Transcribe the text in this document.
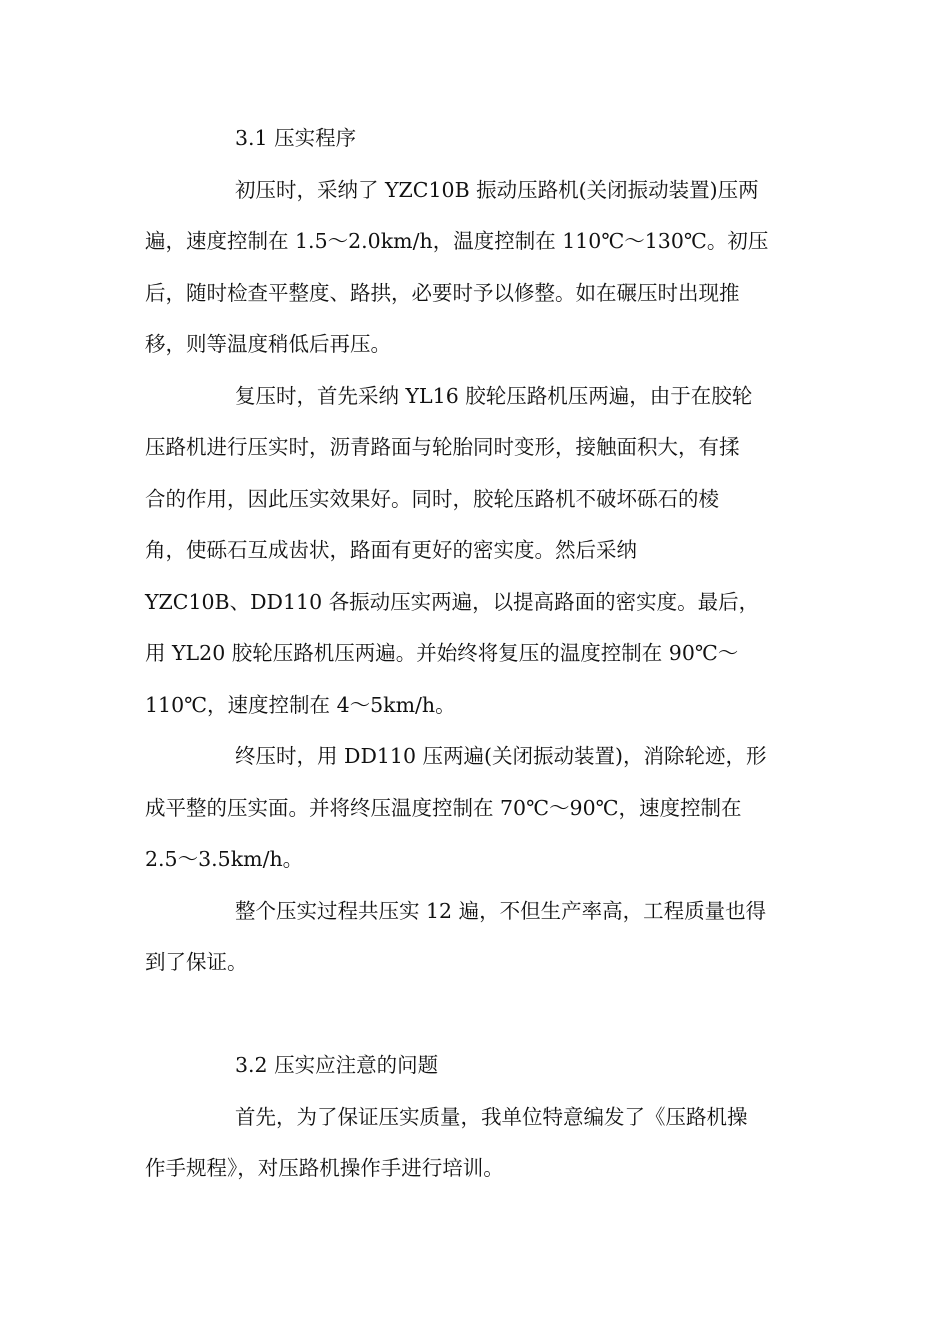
3.1 压实程序

初压时，采纳了 YZC10B 振动压路机(关闭振动装置)压两
遍，速度控制在 1.5～2.0km/h，温度控制在 110℃～130℃。初压
后，随时检查平整度、路拱，必要时予以修整。如在碾压时出现推
移，则等温度稍低后再压。

复压时，首先采纳 YL16 胶轮压路机压两遍，由于在胶轮
压路机进行压实时，沥青路面与轮胎同时变形，接触面积大，有揉
合的作用，因此压实效果好。同时，胶轮压路机不破坏砾石的棱
角，使砾石互成齿状，路面有更好的密实度。然后采纳
YZC10B、DD110 各振动压实两遍，以提高路面的密实度。最后，
用 YL20 胶轮压路机压两遍。并始终将复压的温度控制在 90℃～
110℃，速度控制在 4～5km/h。

终压时，用 DD110 压两遍(关闭振动装置)，消除轮迹，形
成平整的压实面。并将终压温度控制在 70℃～90℃，速度控制在
2.5～3.5km/h。

整个压实过程共压实 12 遍，不但生产率高，工程质量也得
到了保证。

3.2 压实应注意的问题

首先，为了保证压实质量，我单位特意编发了《压路机操
作手规程》，对压路机操作手进行培训。
